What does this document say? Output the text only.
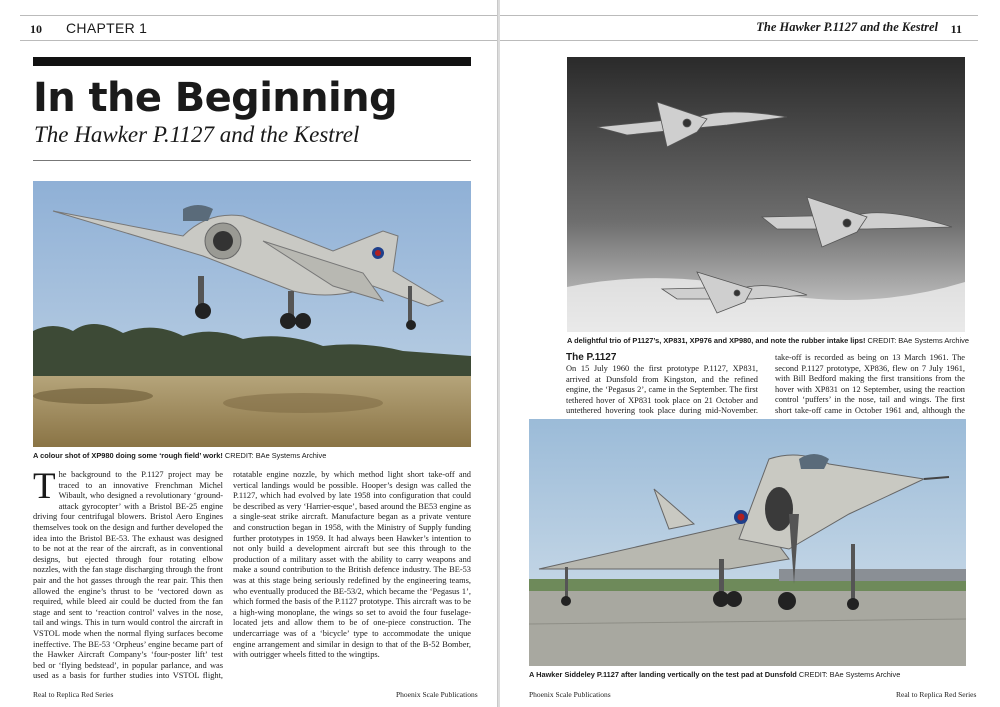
10 CHAPTER 1
In the Beginning

The Hawker P.1127 and the Kestrel

A colour shot of XP980 doing some ‘rough field’ work! CREDIT: BAe Systems Archive
The background to the P.1127 project may be traced to an innovative Frenchman Michel Wibault, who designed a revolutionary ‘ground-attack gyrocopter’ with a Bristol BE-25 engine driving four centrifugal blowers. Bristol Aero Engines themselves took on the design and further developed the idea into the Bristol BE-53. The exhaust was designed to be not at the rear of the aircraft, as in conventional designs, but ejected through four rotating elbow nozzles, with the fan stage discharging through the front pair and the hot gasses through the rear pair. This then allowed the engine’s thrust to be ‘vectored down as required, while bleed air could be ducted from the fan stage and sent to ‘reaction control’ valves in the nose, tail and wings. This in turn would control the aircraft in VSTOL mode when the normal flying surfaces become ineffective. The BE-53 ‘Orpheus’ engine became part of the Hawker Aircraft Company’s ‘four-poster lift’ test bed or ‘flying bedstead’, in popular parlance, and was used as a basis for further studies into VSTOL flight,
rotatable engine nozzle, by which method light short take-off and vertical landings would be possible. Hooper’s design was called the P.1127, which had evolved by late 1958 into configuration that could be described as very ‘Harrier-esque’, based around the BE53 engine as a single-seat strike aircraft. Manufacture began as a private venture and construction began in 1958, with the Ministry of Supply funding further prototypes in 1959. It had always been Hawker’s intention to not only build a development aircraft but see this through to the production of a military asset with the ability to carry weapons and make a sound contribution to the British defence industry. The BE-53 was at this stage being seriously redefined by the engineering teams, who eventually produced the BE-53/2, which became the ‘Pegasus 1’, which formed the basis of the P.1127 prototype. This aircraft was to be a high-wing monoplane, the wings so set to avoid the four fuselage-located jets and allow them to be of one-piece construction. The undercarriage was of a ‘bicycle’ type to accommodate the unique engine arrangement and similar in design to that of the B-52 Bomber, with outrigger wheels fitted to the wingtips.
Real to Replica Red Series	Phoenix Scale Publications
The Hawker P.1127 and the Kestrel 11
A delightful trio of P1127’s, XP831, XP976 and XP980, and note the rubber intake lips! CREDIT: BAe Systems Archive
The P.1127
On 15 July 1960 the first prototype P.1127, XP831, arrived at Dunsfold from Kingston, and the refined engine, the ‘Pegasus 2’, came in the September. The first tethered hover of XP831 took place on 21 October and untethered hovering took place during mid-November.
take-off is recorded as being on 13 March 1961. The second P.1127 prototype, XP836, flew on 7 July 1961, with Bill Bedford making the first transitions from the hover with XP831 on 12 September, using the reaction control ‘puffers’ in the nose, tail and wings. The first short take-off came in October 1961 and, although the
A Hawker Siddeley P.1127 after landing vertically on the test pad at Dunsfold CREDIT: BAe Systems Archive
Phoenix Scale Publications	Real to Replica Red Series
